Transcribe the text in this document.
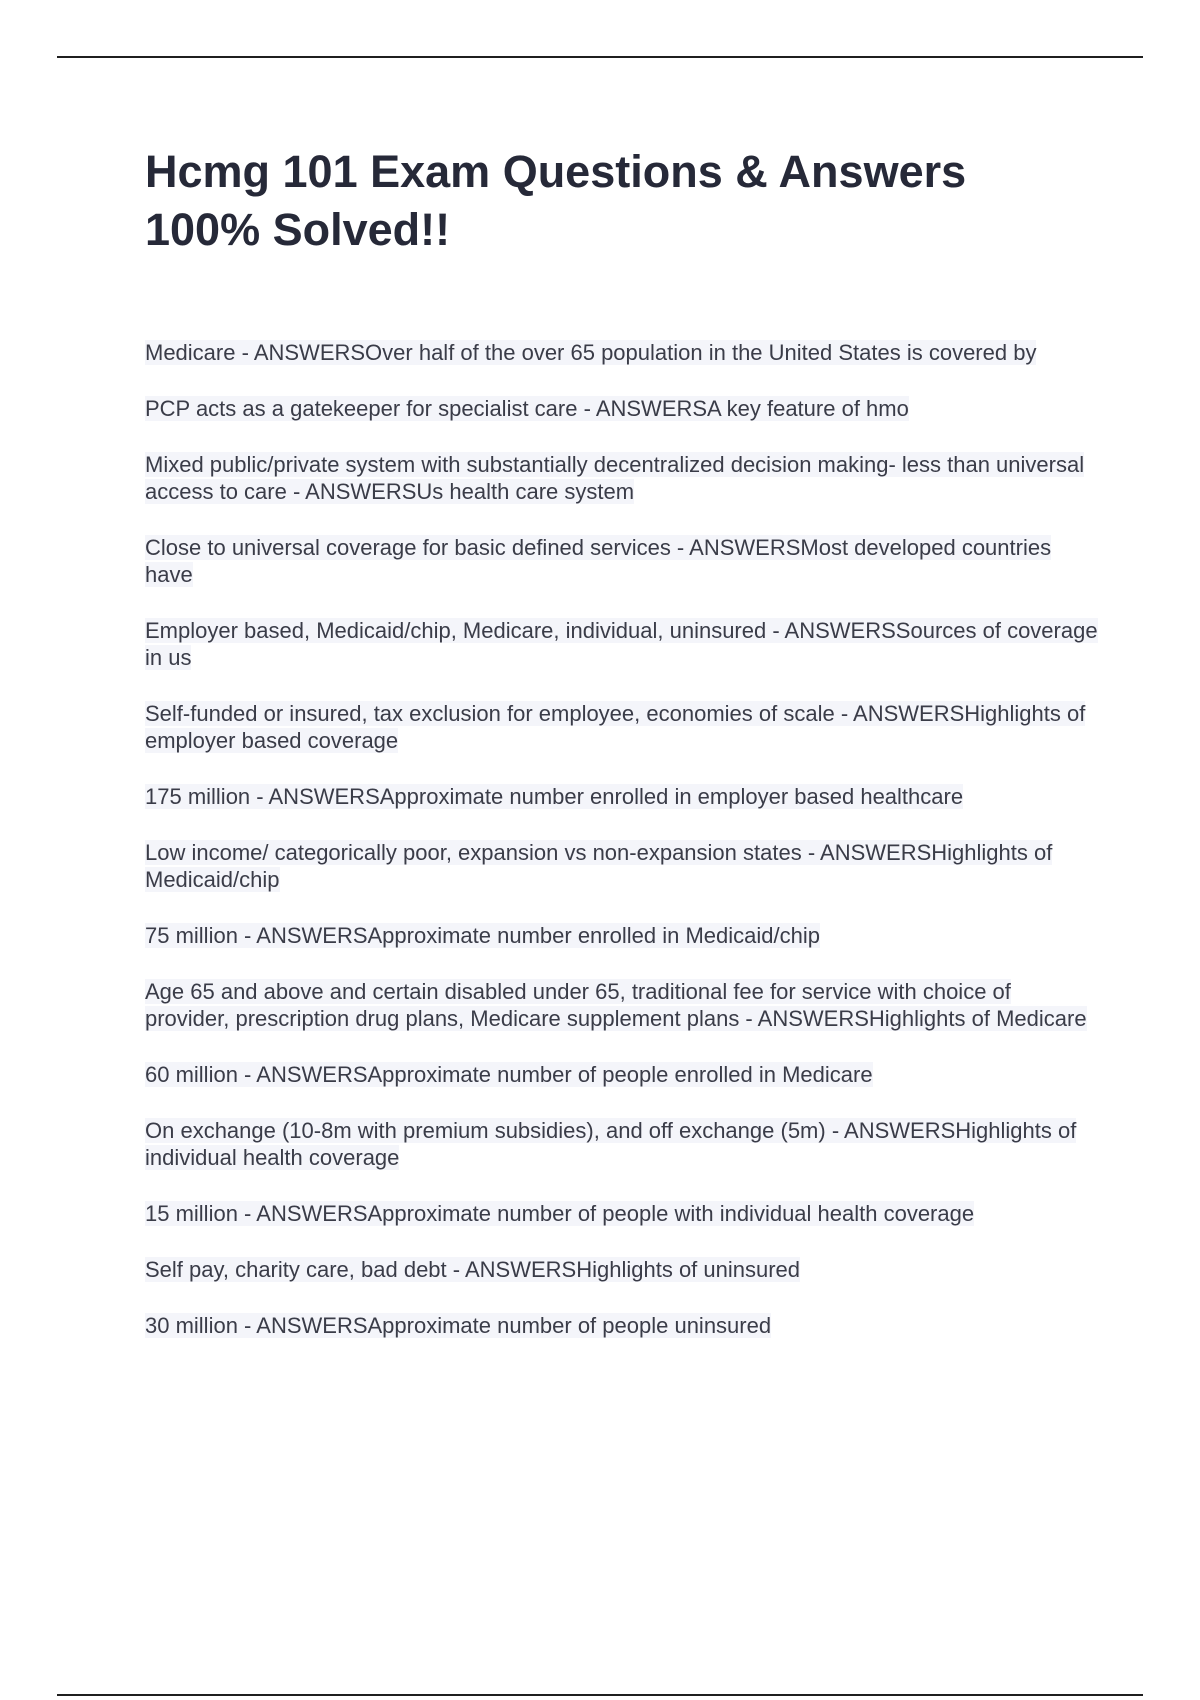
Hcmg 101 Exam Questions & Answers
100% Solved!!
Medicare - ANSWERSOver half of the over 65 population in the United States is covered by
PCP acts as a gatekeeper for specialist care - ANSWERSA key feature of hmo
Mixed public/private system with substantially decentralized decision making- less than universal access to care - ANSWERSUs health care system
Close to universal coverage for basic defined services - ANSWERSMost developed countries have
Employer based, Medicaid/chip, Medicare, individual, uninsured - ANSWERSSources of coverage in us
Self-funded or insured, tax exclusion for employee, economies of scale - ANSWERSHighlights of employer based coverage
175 million - ANSWERSApproximate number enrolled in employer based healthcare
Low income/ categorically poor, expansion vs non-expansion states - ANSWERSHighlights of Medicaid/chip
75 million - ANSWERSApproximate number enrolled in Medicaid/chip
Age 65 and above and certain disabled under 65, traditional fee for service with choice of provider, prescription drug plans, Medicare supplement plans - ANSWERSHighlights of Medicare
60 million - ANSWERSApproximate number of people enrolled in Medicare
On exchange (10-8m with premium subsidies), and off exchange (5m) - ANSWERSHighlights of individual health coverage
15 million - ANSWERSApproximate number of people with individual health coverage
Self pay, charity care, bad debt - ANSWERSHighlights of uninsured
30 million - ANSWERSApproximate number of people uninsured
